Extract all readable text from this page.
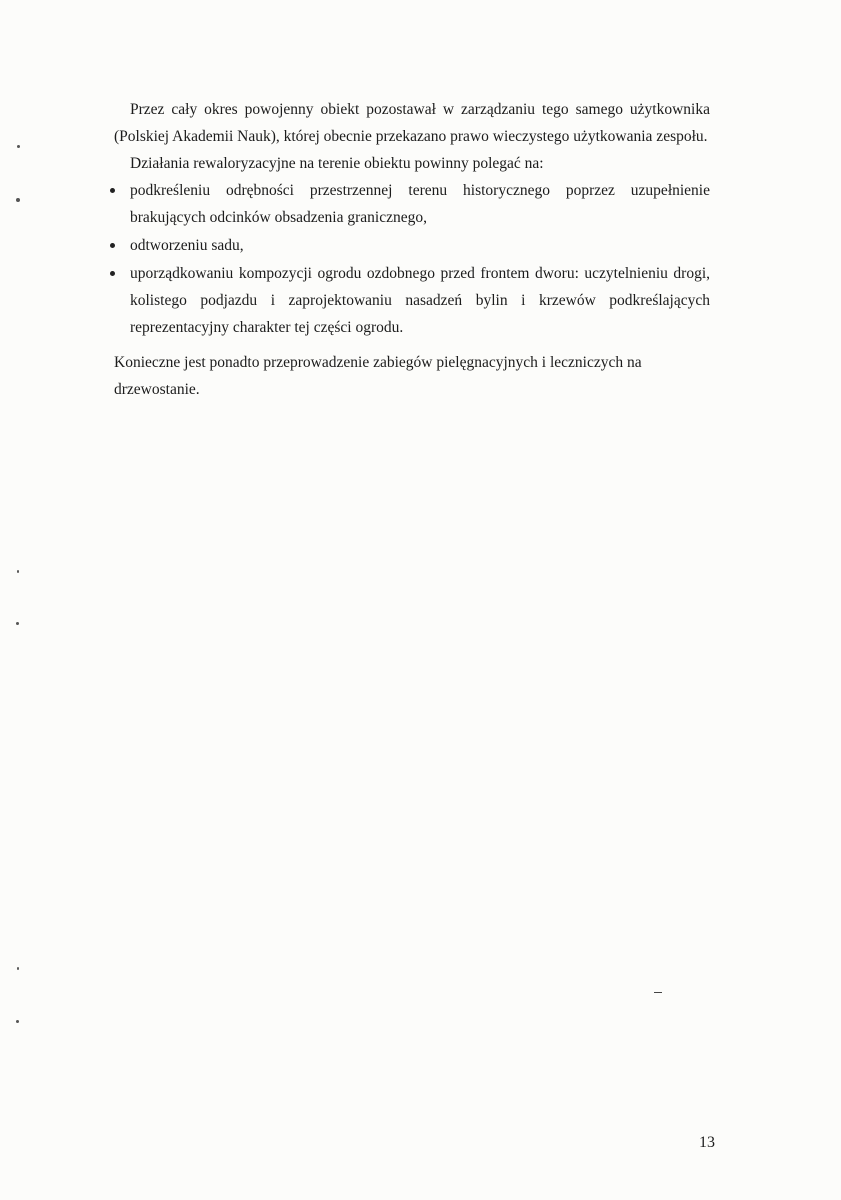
Przez cały okres powojenny obiekt pozostawał w zarządzaniu tego samego użytkownika (Polskiej Akademii Nauk), której obecnie przekazano prawo wieczystego użytkowania zespołu.

Działania rewaloryzacyjne na terenie obiektu powinny polegać na:

podkreśleniu odrębności przestrzennej terenu historycznego poprzez uzupełnienie brakujących odcinków obsadzenia granicznego,
odtworzeniu sadu,
uporządkowaniu kompozycji ogrodu ozdobnego przed frontem dworu: uczytelnieniu drogi, kolistego podjazdu i zaprojektowaniu nasadzeń bylin i krzewów podkreślających reprezentacyjny charakter tej części ogrodu.

Konieczne jest ponadto przeprowadzenie zabiegów pielęgnacyjnych i leczniczych na drzewostanie.

13
